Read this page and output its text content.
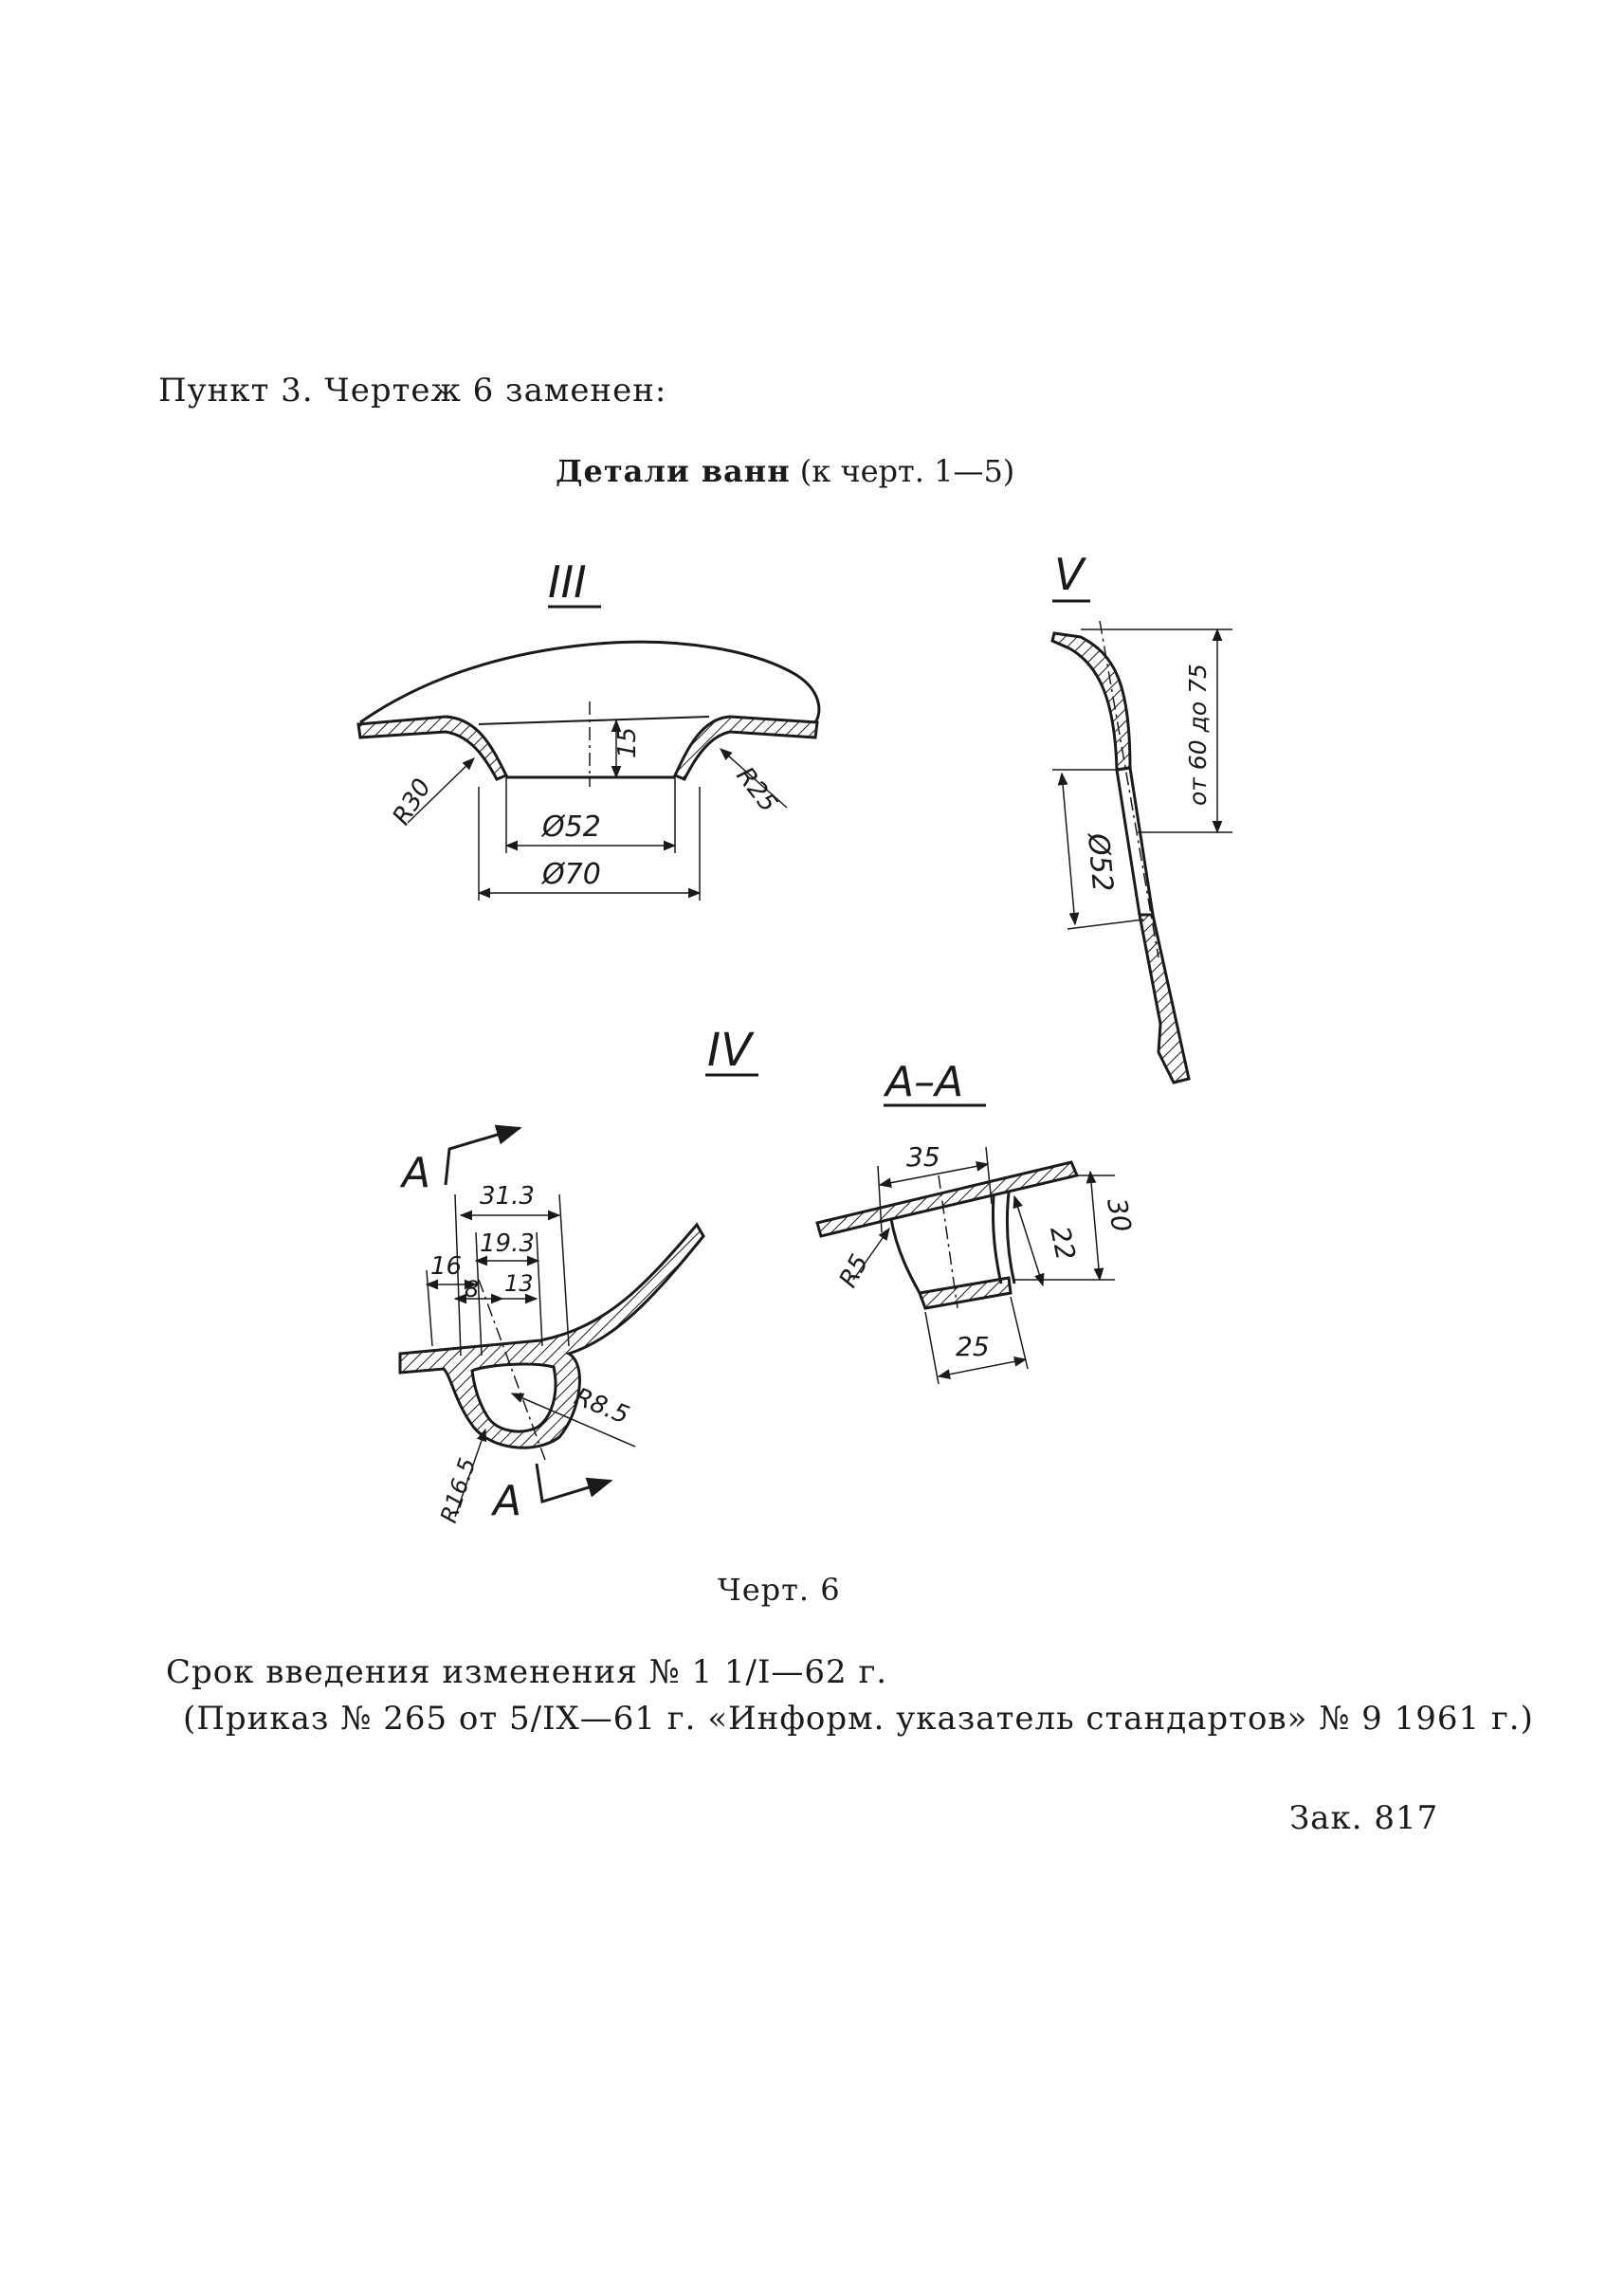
Пункт 3. Чертеж 6 заменен:
Детали ванн (к черт. 1—5)
III
15
Ø52
Ø70
R30	R25
V
от 60 до 75
Ø52
IV
A
A
31.3
19.3
16
8 13
R8.5
R16.5
A–A
35
22
30
25
R5
Черт. 6
Срок введения изменения № 1 1/I—62 г.
(Приказ № 265 от 5/IX—61 г. «Информ. указатель стандартов» № 9 1961 г.)
Зак. 817
